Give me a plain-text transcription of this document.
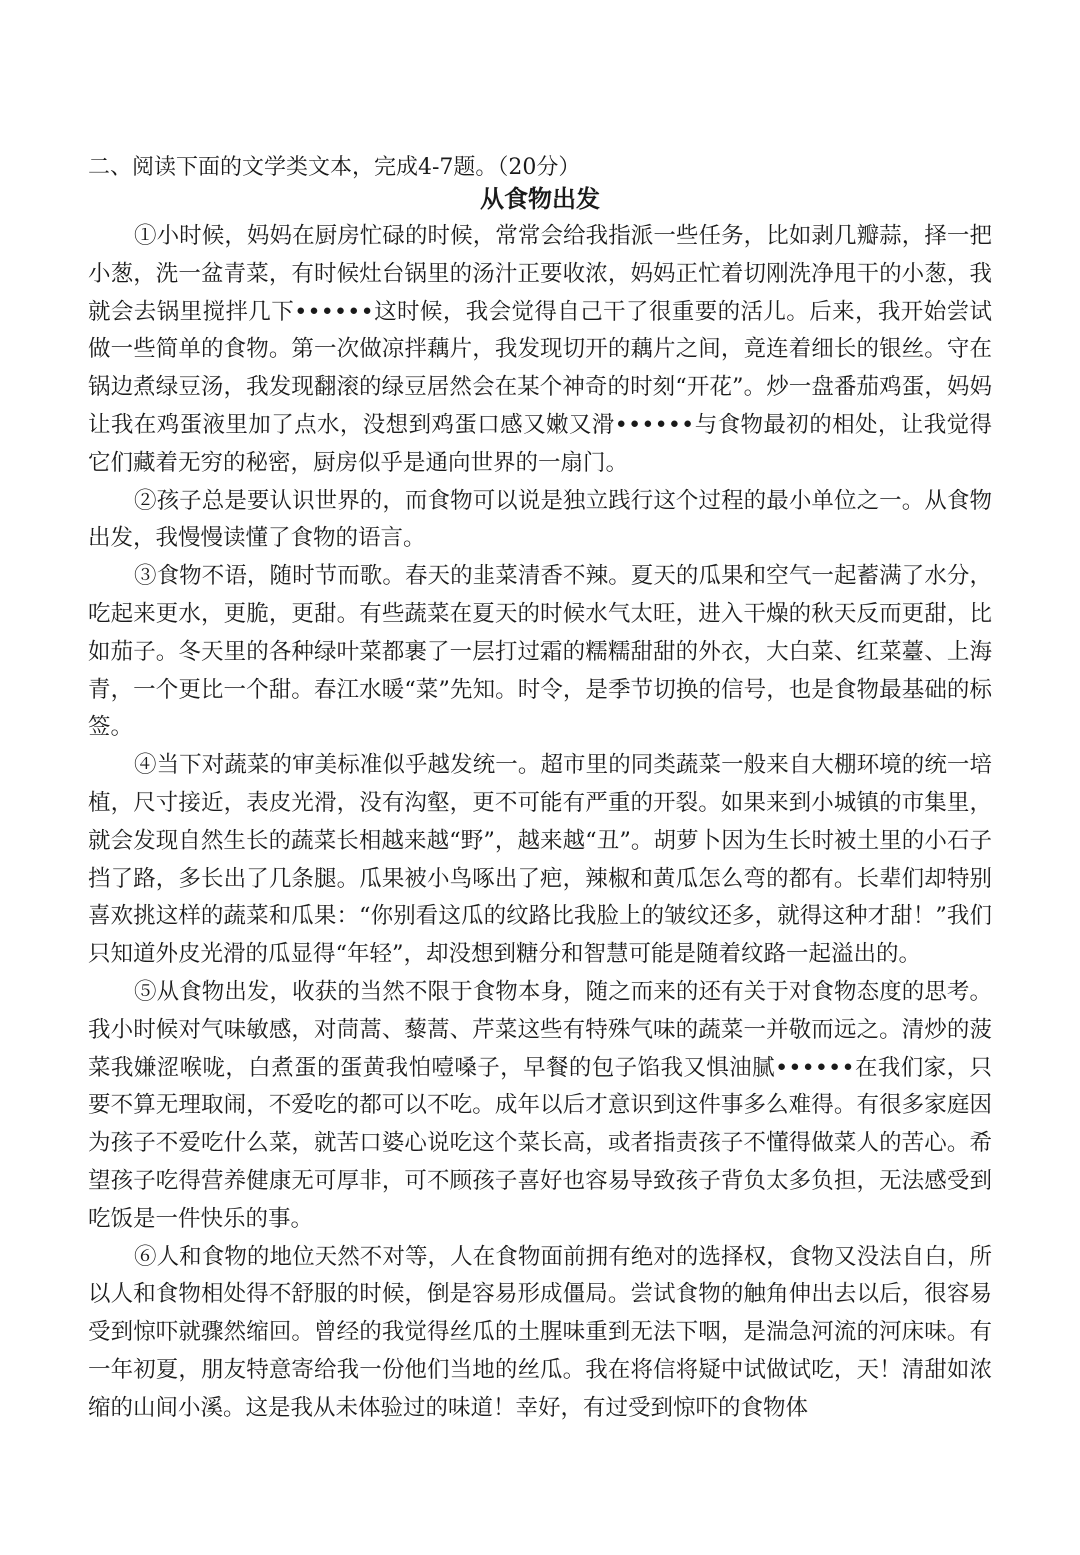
二、阅读下面的文学类文本，完成4-7题。（20分）
从食物出发

①小时候，妈妈在厨房忙碌的时候，常常会给我指派一些任务，比如剥几瓣蒜，择一把小葱，洗一盆青菜，有时候灶台锅里的汤汁正要收浓，妈妈正忙着切刚洗净甩干的小葱，我就会去锅里搅拌几下••••••这时候，我会觉得自己干了很重要的活儿。后来，我开始尝试做一些简单的食物。第一次做凉拌藕片，我发现切开的藕片之间，竟连着细长的银丝。守在锅边煮绿豆汤，我发现翻滚的绿豆居然会在某个神奇的时刻“开花”。炒一盘番茄鸡蛋，妈妈让我在鸡蛋液里加了点水，没想到鸡蛋口感又嫩又滑••••••与食物最初的相处，让我觉得它们藏着无穷的秘密，厨房似乎是通向世界的一扇门。

②孩子总是要认识世界的，而食物可以说是独立践行这个过程的最小单位之一。从食物出发，我慢慢读懂了食物的语言。

③食物不语，随时节而歌。春天的韭菜清香不辣。夏天的瓜果和空气一起蓄满了水分，吃起来更水，更脆，更甜。有些蔬菜在夏天的时候水气太旺，进入干燥的秋天反而更甜，比如茄子。冬天里的各种绿叶菜都裹了一层打过霜的糯糯甜甜的外衣，大白菜、红菜薹、上海青，一个更比一个甜。春江水暖“菜”先知。时令，是季节切换的信号，也是食物最基础的标签。

④当下对蔬菜的审美标准似乎越发统一。超市里的同类蔬菜一般来自大棚环境的统一培植，尺寸接近，表皮光滑，没有沟壑，更不可能有严重的开裂。如果来到小城镇的市集里，就会发现自然生长的蔬菜长相越来越“野”，越来越“丑”。胡萝卜因为生长时被土里的小石子挡了路，多长出了几条腿。瓜果被小鸟啄出了疤，辣椒和黄瓜怎么弯的都有。长辈们却特别喜欢挑这样的蔬菜和瓜果：“你别看这瓜的纹路比我脸上的皱纹还多，就得这种才甜！”我们只知道外皮光滑的瓜显得“年轻”，却没想到糖分和智慧可能是随着纹路一起溢出的。

⑤从食物出发，收获的当然不限于食物本身，随之而来的还有关于对食物态度的思考。我小时候对气味敏感，对茼蒿、藜蒿、芹菜这些有特殊气味的蔬菜一并敬而远之。清炒的菠菜我嫌涩喉咙，白煮蛋的蛋黄我怕噎嗓子，早餐的包子馅我又惧油腻••••••在我们家，只要不算无理取闹，不爱吃的都可以不吃。成年以后才意识到这件事多么难得。有很多家庭因为孩子不爱吃什么菜，就苦口婆心说吃这个菜长高，或者指责孩子不懂得做菜人的苦心。希望孩子吃得营养健康无可厚非，可不顾孩子喜好也容易导致孩子背负太多负担，无法感受到吃饭是一件快乐的事。

⑥人和食物的地位天然不对等，人在食物面前拥有绝对的选择权，食物又没法自白，所以人和食物相处得不舒服的时候，倒是容易形成僵局。尝试食物的触角伸出去以后，很容易受到惊吓就骤然缩回。曾经的我觉得丝瓜的土腥味重到无法下咽，是湍急河流的河床味。有一年初夏，朋友特意寄给我一份他们当地的丝瓜。我在将信将疑中试做试吃，天！清甜如浓缩的山间小溪。这是我从未体验过的味道！幸好，有过受到惊吓的食物体
